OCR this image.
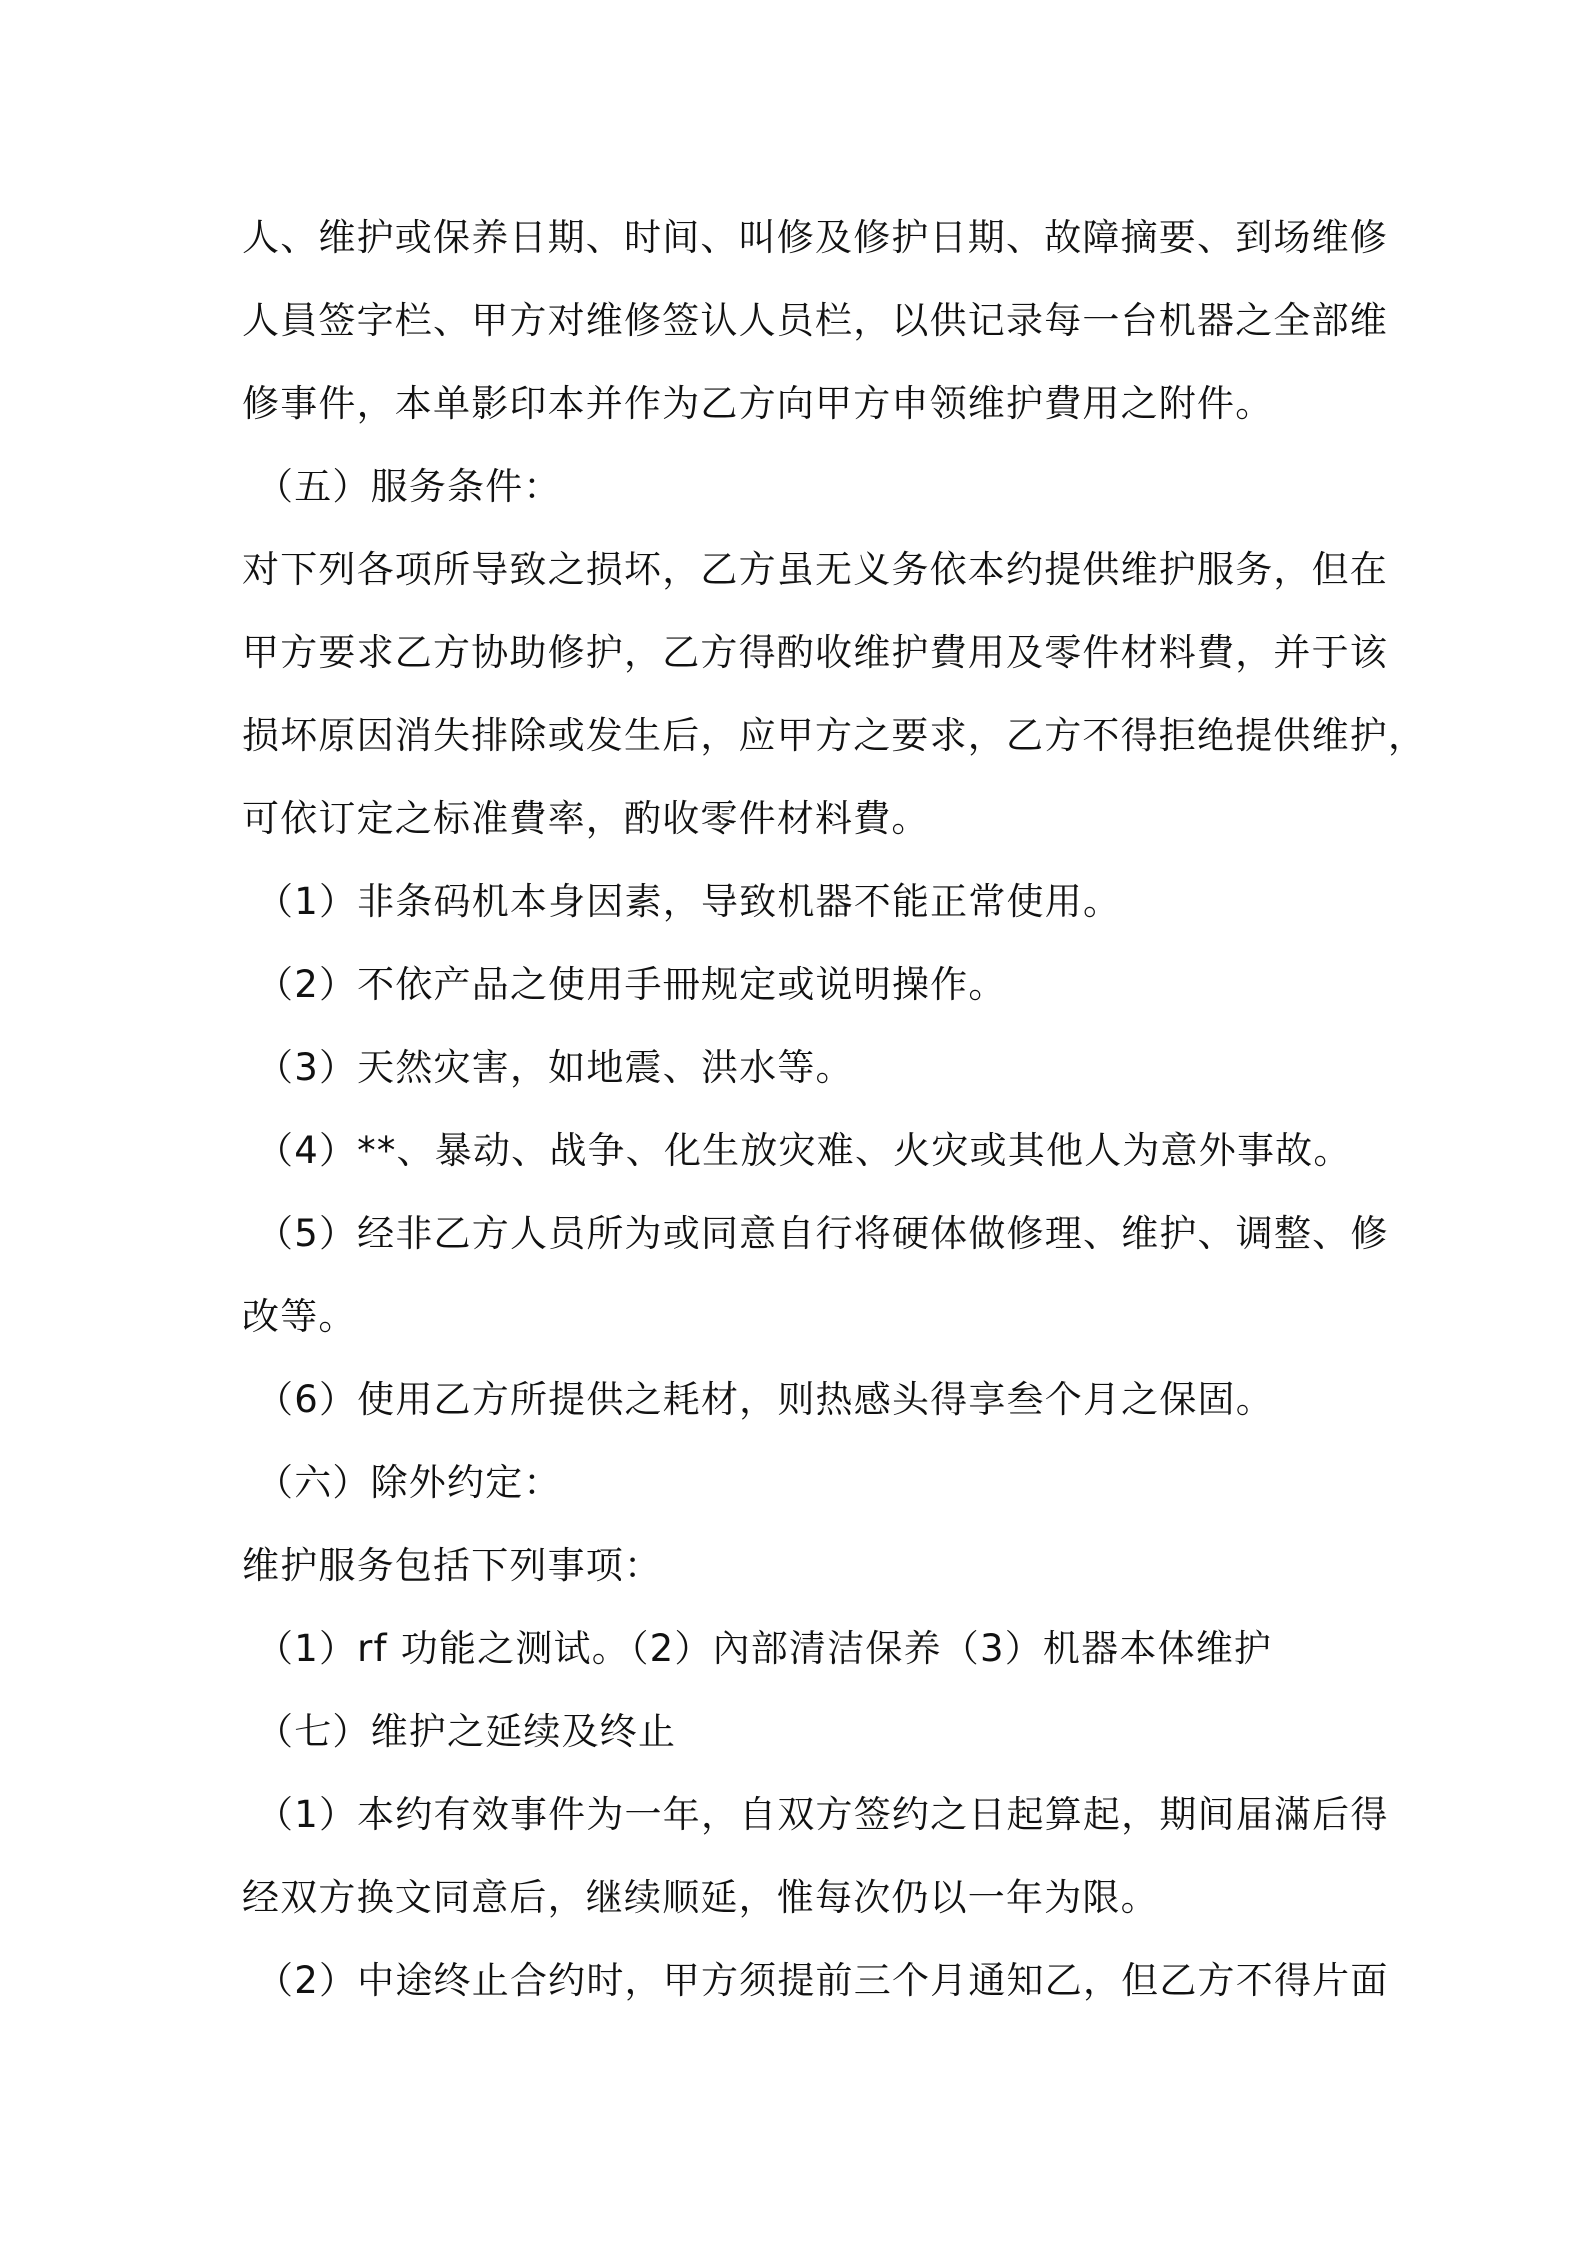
人、维护或保养日期、时间、叫修及修护日期、故障摘要、到场维修
人員签字栏、甲方对维修签认人员栏，以供记录每一台机器之全部维
修事件，本单影印本并作为乙方向甲方申领维护費用之附件。
（五）服务条件：
对下列各项所导致之损坏，乙方虽无义务依本约提供维护服务，但在
甲方要求乙方协助修护，乙方得酌收维护費用及零件材料費，并于该
损坏原因消失排除或发生后，应甲方之要求，乙方不得拒绝提供维护，
可依订定之标准費率，酌收零件材料費。
（1）非条码机本身因素，导致机器不能正常使用。
（2）不依产品之使用手冊规定或说明操作。
（3）天然灾害，如地震、洪水等。
（4）**、暴动、战争、化生放灾难、火灾或其他人为意外事故。
（5）经非乙方人员所为或同意自行将硬体做修理、维护、调整、修
改等。
（6）使用乙方所提供之耗材，则热感头得享叁个月之保固。
（六）除外约定：
维护服务包括下列事项：
（1）rf 功能之测试。（2）內部清洁保养（3）机器本体维护
（七）维护之延续及终止
（1）本约有效事件为一年，自双方签约之日起算起，期间届滿后得
经双方换文同意后，继续顺延，惟每次仍以一年为限。
（2）中途终止合约时，甲方须提前三个月通知乙，但乙方不得片面
